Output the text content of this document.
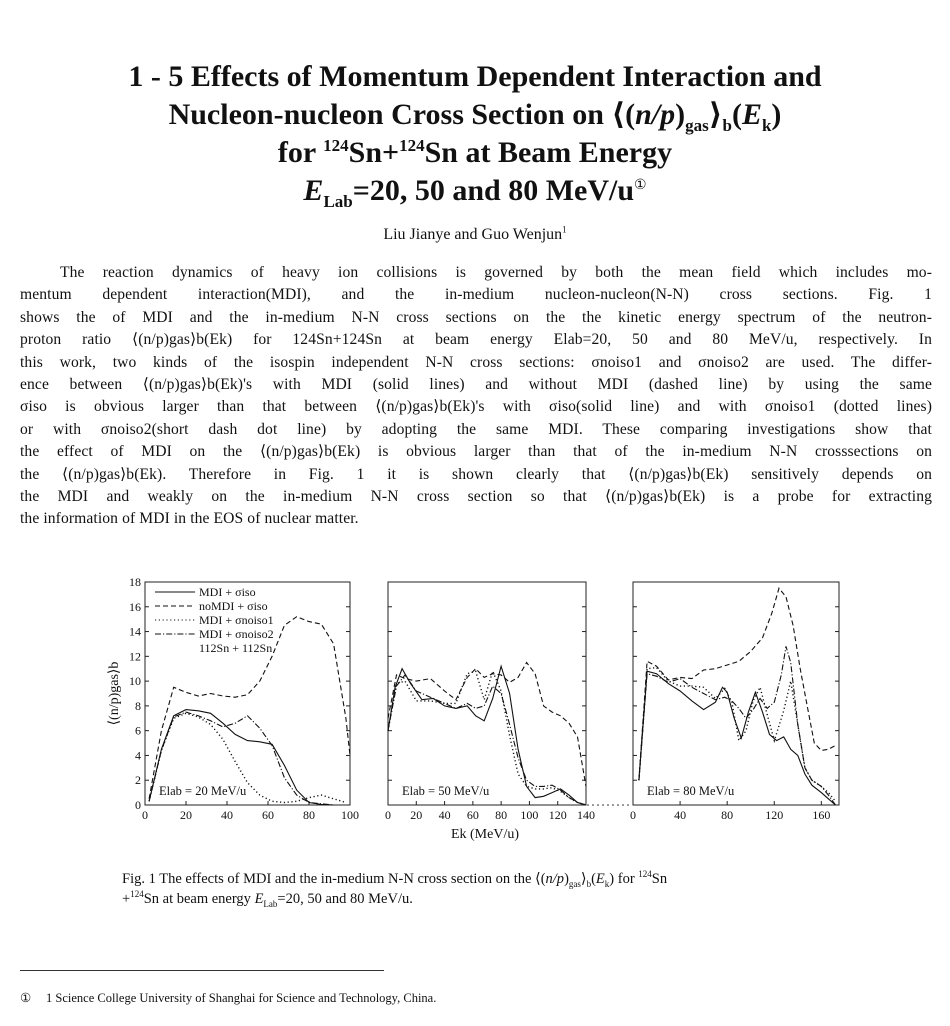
1 - 5 Effects of Momentum Dependent Interaction and
Nucleon-nucleon Cross Section on $⟨(n/p)_{gas}⟩_b(E_k)$
for $^{124}$Sn+$^{124}$Sn at Beam Energy
$E_{Lab}=20$, 50 and 80 MeV/u①
Liu Jianye and Guo Wenjun$^1$
The reaction dynamics of heavy ion collisions is governed by both the mean field which includes mo-
mentum dependent interaction(MDI), and the in-medium nucleon-nucleon(N-N) cross sections. Fig. 1
shows the of MDI and the in-medium N-N cross sections on the the kinetic energy spectrum of the neutron-
proton ratio ⟨(n/p)gas⟩b(Ek) for 124Sn+124Sn at beam energy Elab=20, 50 and 80 MeV/u, respectively. In
this work, two kinds of the isospin independent N-N cross sections: σnoiso1 and σnoiso2 are used. The differ-
ence between ⟨(n/p)gas⟩b(Ek)'s with MDI (solid lines) and without MDI (dashed line) by using the same
σiso is obvious larger than that between ⟨(n/p)gas⟩b(Ek)'s with σiso(solid line) and with σnoiso1 (dotted lines)
or with σnoiso2(short dash dot line) by adopting the same MDI. These comparing investigations show that
the effect of MDI on the ⟨(n/p)gas⟩b(Ek) is obvious larger than that of the in-medium N-N crosssections on
the ⟨(n/p)gas⟩b(Ek). Therefore in Fig. 1 it is shown clearly that ⟨(n/p)gas⟩b(Ek) sensitively depends on
the MDI and weakly on the in-medium N-N cross section so that ⟨(n/p)gas⟩b(Ek) is a probe for extracting
the information of MDI in the EOS of nuclear matter.
0
2
4
6
8
10
12
14
16
18
0	20 40 60 80 100
Elab = 20 MeV/u
0 20 40 60 80 100 120 140
Elab = 50 MeV/u
0	40	80	120 160
Elab = 80 MeV/u
MDI + σiso
noMDI + σiso
MDI + σnoiso1
MDI + σnoiso2
112Sn + 112Sn
⟨(n/p)gas⟩b
Ek (MeV/u)
Fig. 1 The effects of MDI and the in-medium N-N cross section on the $⟨(n/p)_{gas}⟩_b(E_k)$ for $^{124}$Sn
+$^{124}$Sn at beam energy $E_{Lab}=20$, 50 and 80 MeV/u.
① 1 Science College University of Shanghai for Science and Technology, China.
